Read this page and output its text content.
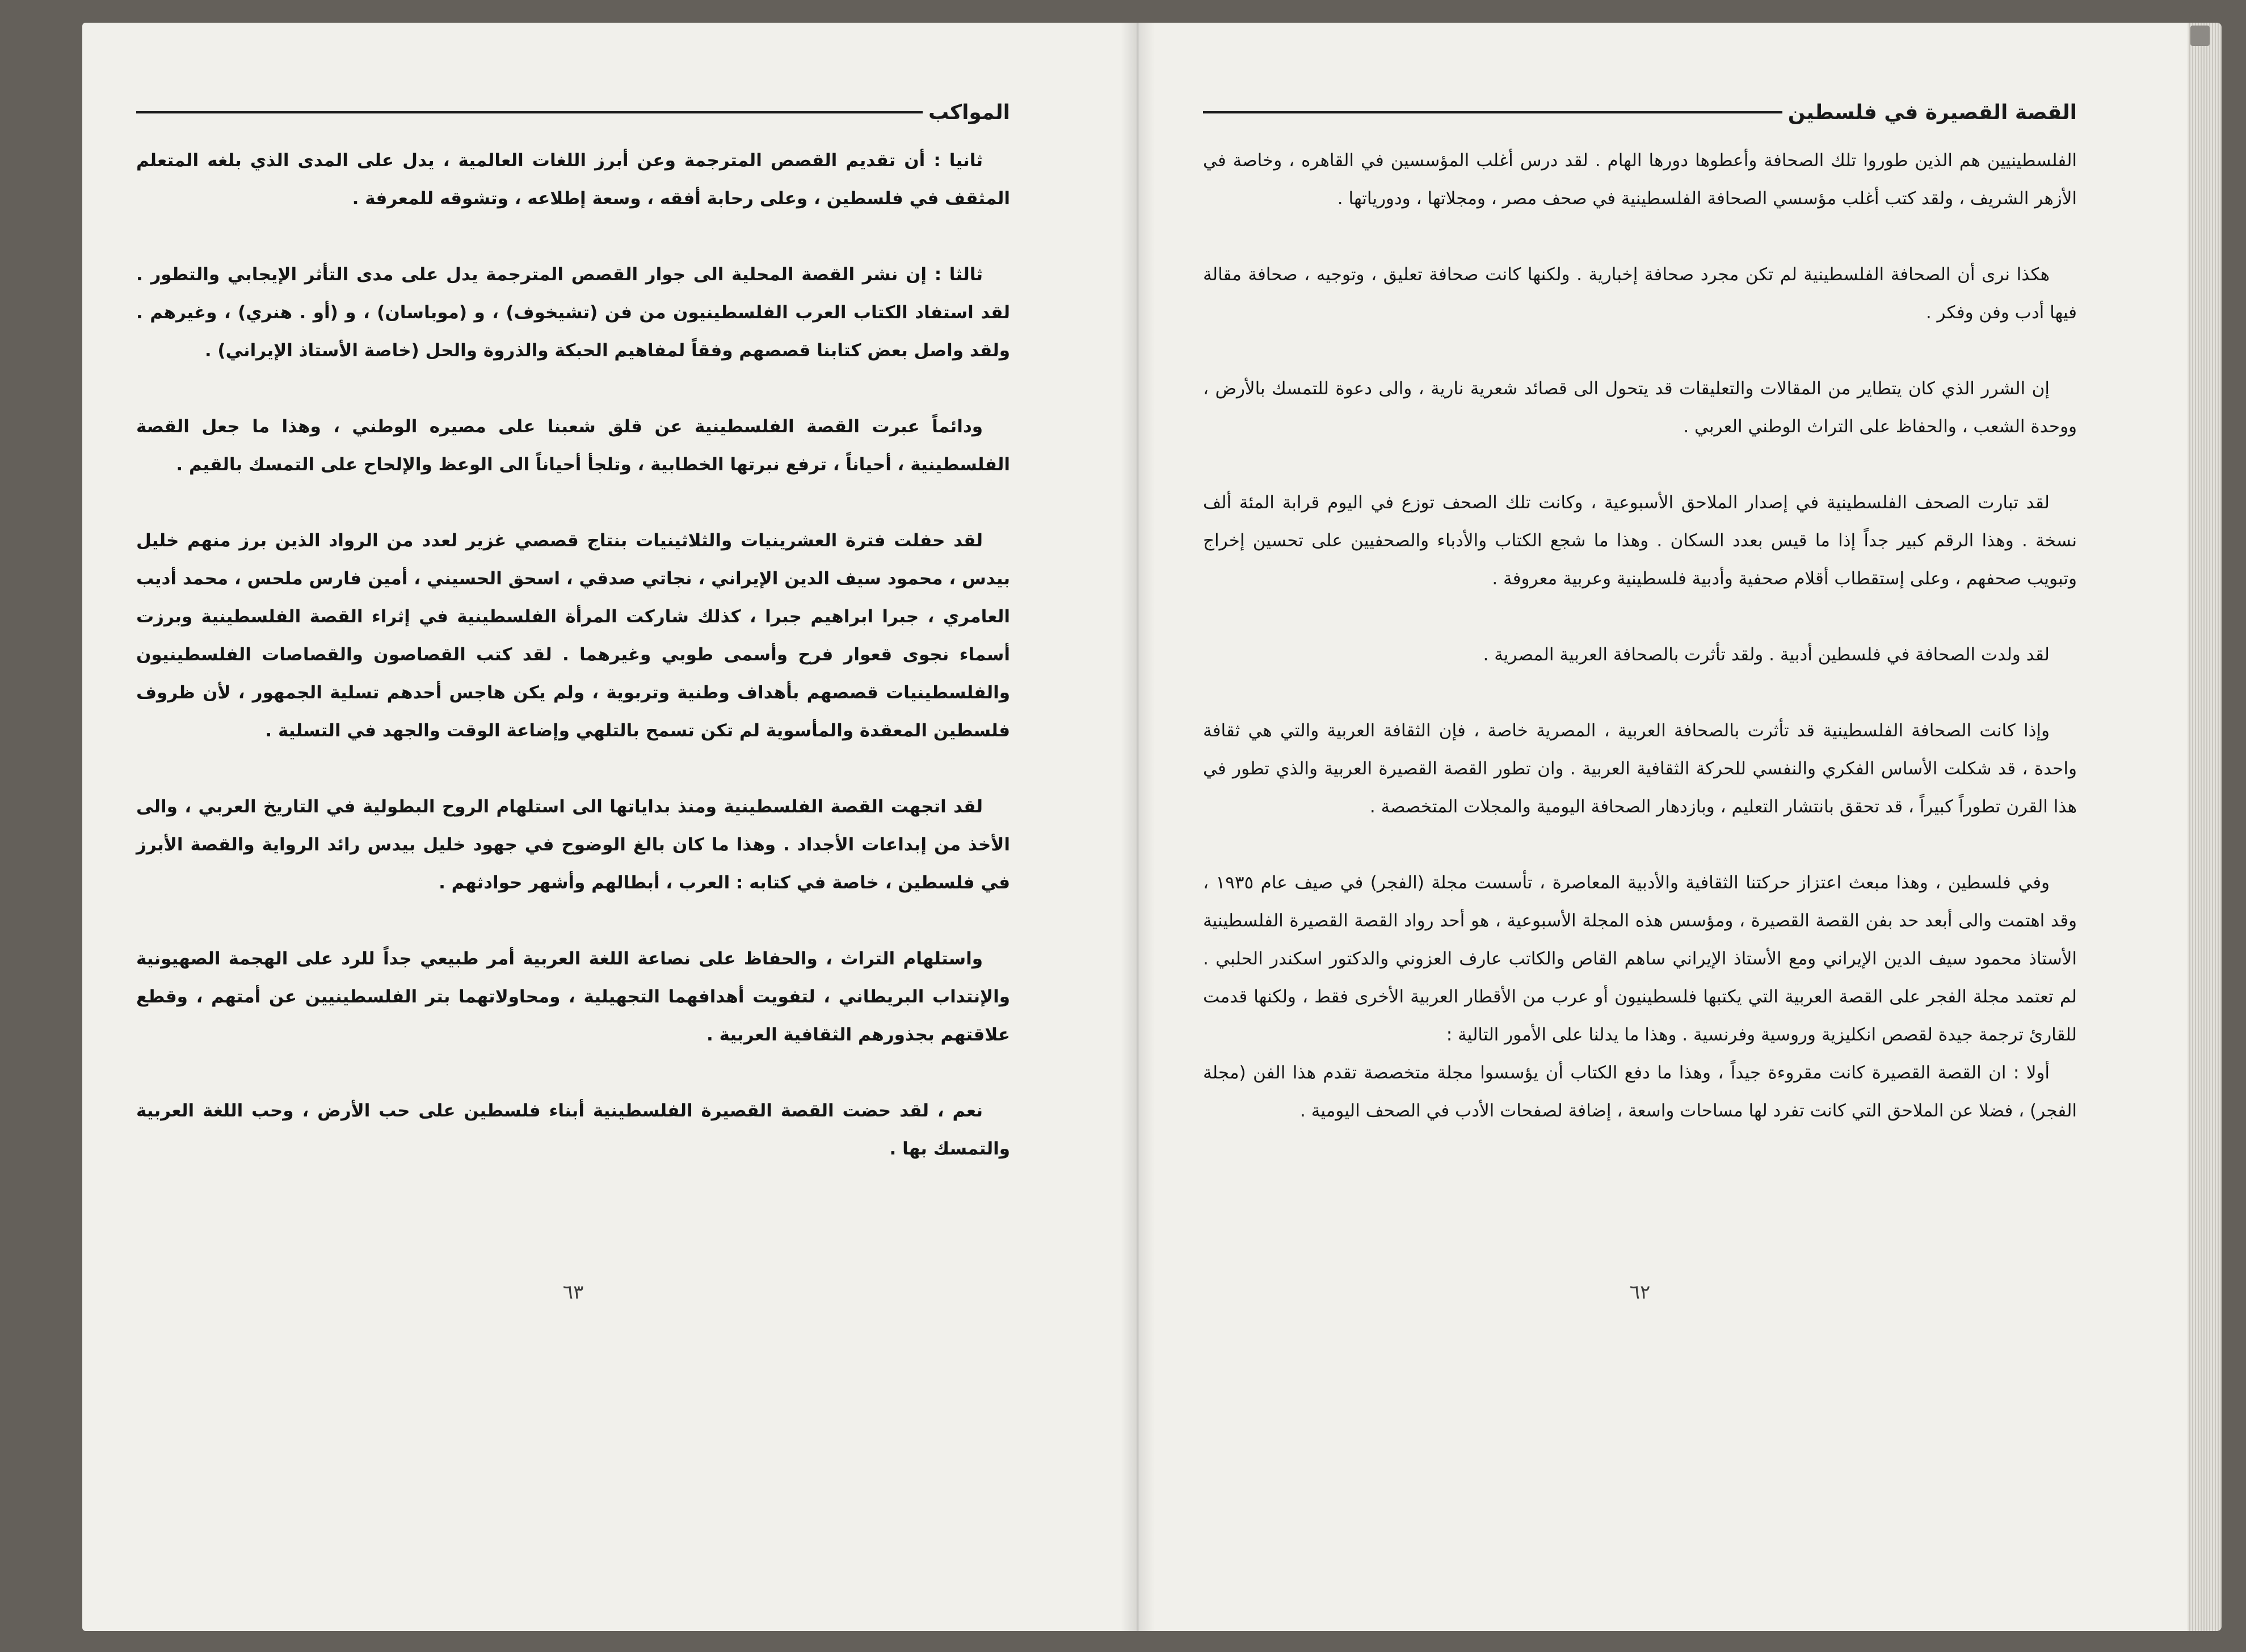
المواكب

ثانيا : أن تقديم القصص المترجمة وعن أبرز اللغات العالمية ، يدل على المدى الذي بلغه المتعلم المثقف في فلسطين ، وعلى رحابة أفقه ، وسعة إطلاعه ، وتشوقه للمعرفة .

ثالثا : إن نشر القصة المحلية الى جوار القصص المترجمة يدل على مدى التأثر الإيجابي والتطور . لقد استفاد الكتاب العرب الفلسطينيون من فن (تشيخوف) ، و (موباسان) ، و (أو . هنري) ، وغيرهم . ولقد واصل بعض كتابنا قصصهم وفقاً لمفاهيم الحبكة والذروة والحل (خاصة الأستاذ الإيراني) .

ودائماً عبرت القصة الفلسطينية عن قلق شعبنا على مصيره الوطني ، وهذا ما جعل القصة الفلسطينية ، أحياناً ، ترفع نبرتها الخطابية ، وتلجأ أحياناً الى الوعظ والإلحاح على التمسك بالقيم .

لقد حفلت فترة العشرينيات والثلاثينيات بنتاج قصصي غزير لعدد من الرواد الذين برز منهم خليل بيدس ، محمود سيف الدين الإيراني ، نجاتي صدقي ، اسحق الحسيني ، أمين فارس ملحس ، محمد أديب العامري ، جبرا ابراهيم جبرا ، كذلك شاركت المرأة الفلسطينية في إثراء القصة الفلسطينية وبرزت أسماء نجوى قعوار فرح وأسمى طوبي وغيرهما . لقد كتب القصاصون والقصاصات الفلسطينيون والفلسطينيات قصصهم بأهداف وطنية وتربوية ، ولم يكن هاجس أحدهم تسلية الجمهور ، لأن ظروف فلسطين المعقدة والمأسوية لم تكن تسمح بالتلهي وإضاعة الوقت والجهد في التسلية .

لقد اتجهت القصة الفلسطينية ومنذ بداياتها الى استلهام الروح البطولية في التاريخ العربي ، والى الأخذ من إبداعات الأجداد . وهذا ما كان بالغ الوضوح في جهود خليل بيدس رائد الرواية والقصة الأبرز في فلسطين ، خاصة في كتابه : العرب ، أبطالهم وأشهر حوادثهم .

واستلهام التراث ، والحفاظ على نصاعة اللغة العربية أمر طبيعي جداً للرد على الهجمة الصهيونية والإنتداب البريطاني ، لتفويت أهدافهما التجهيلية ، ومحاولاتهما بتر الفلسطينيين عن أمتهم ، وقطع علاقتهم بجذورهم الثقافية العربية .

نعم ، لقد حضت القصة القصيرة الفلسطينية أبناء فلسطين على حب الأرض ، وحب اللغة العربية والتمسك بها .

٦٣
القصة القصيرة في فلسطين

الفلسطينيين هم الذين طوروا تلك الصحافة وأعطوها دورها الهام . لقد درس أغلب المؤسسين في القاهره ، وخاصة في الأزهر الشريف ، ولقد كتب أغلب مؤسسي الصحافة الفلسطينية في صحف مصر ، ومجلاتها ، ودورياتها .

هكذا نرى أن الصحافة الفلسطينية لم تكن مجرد صحافة إخبارية . ولكنها كانت صحافة تعليق ، وتوجيه ، صحافة مقالة فيها أدب وفن وفكر .

إن الشرر الذي كان يتطاير من المقالات والتعليقات قد يتحول الى قصائد شعرية نارية ، والى دعوة للتمسك بالأرض ، ووحدة الشعب ، والحفاظ على التراث الوطني العربي .

لقد تبارت الصحف الفلسطينية في إصدار الملاحق الأسبوعية ، وكانت تلك الصحف توزع في اليوم قرابة المئة ألف نسخة . وهذا الرقم كبير جداً إذا ما قيس بعدد السكان . وهذا ما شجع الكتاب والأدباء والصحفيين على تحسين إخراج وتبويب صحفهم ، وعلى إستقطاب أقلام صحفية وأدبية فلسطينية وعربية معروفة .

لقد ولدت الصحافة في فلسطين أدبية . ولقد تأثرت بالصحافة العربية المصرية .

وإذا كانت الصحافة الفلسطينية قد تأثرت بالصحافة العربية ، المصرية خاصة ، فإن الثقافة العربية والتي هي ثقافة واحدة ، قد شكلت الأساس الفكري والنفسي للحركة الثقافية العربية . وان تطور القصة القصيرة العربية والذي تطور في هذا القرن تطوراً كبيراً ، قد تحقق بانتشار التعليم ، وبازدهار الصحافة اليومية والمجلات المتخصصة .

وفي فلسطين ، وهذا مبعث اعتزاز حركتنا الثقافية والأدبية المعاصرة ، تأسست مجلة (الفجر) في صيف عام ١٩٣٥ ، وقد اهتمت والى أبعد حد بفن القصة القصيرة ، ومؤسس هذه المجلة الأسبوعية ، هو أحد رواد القصة القصيرة الفلسطينية الأستاذ محمود سيف الدين الإيراني ومع الأستاذ الإيراني ساهم القاص والكاتب عارف العزوني والدكتور اسكندر الحلبي . لم تعتمد مجلة الفجر على القصة العربية التي يكتبها فلسطينيون أو عرب من الأقطار العربية الأخرى فقط ، ولكنها قدمت للقارئ ترجمة جيدة لقصص انكليزية وروسية وفرنسية . وهذا ما يدلنا على الأمور التالية :

أولا : ان القصة القصيرة كانت مقروءة جيداً ، وهذا ما دفع الكتاب أن يؤسسوا مجلة متخصصة تقدم هذا الفن (مجلة الفجر) ، فضلا عن الملاحق التي كانت تفرد لها مساحات واسعة ، إضافة لصفحات الأدب في الصحف اليومية .

٦٢
